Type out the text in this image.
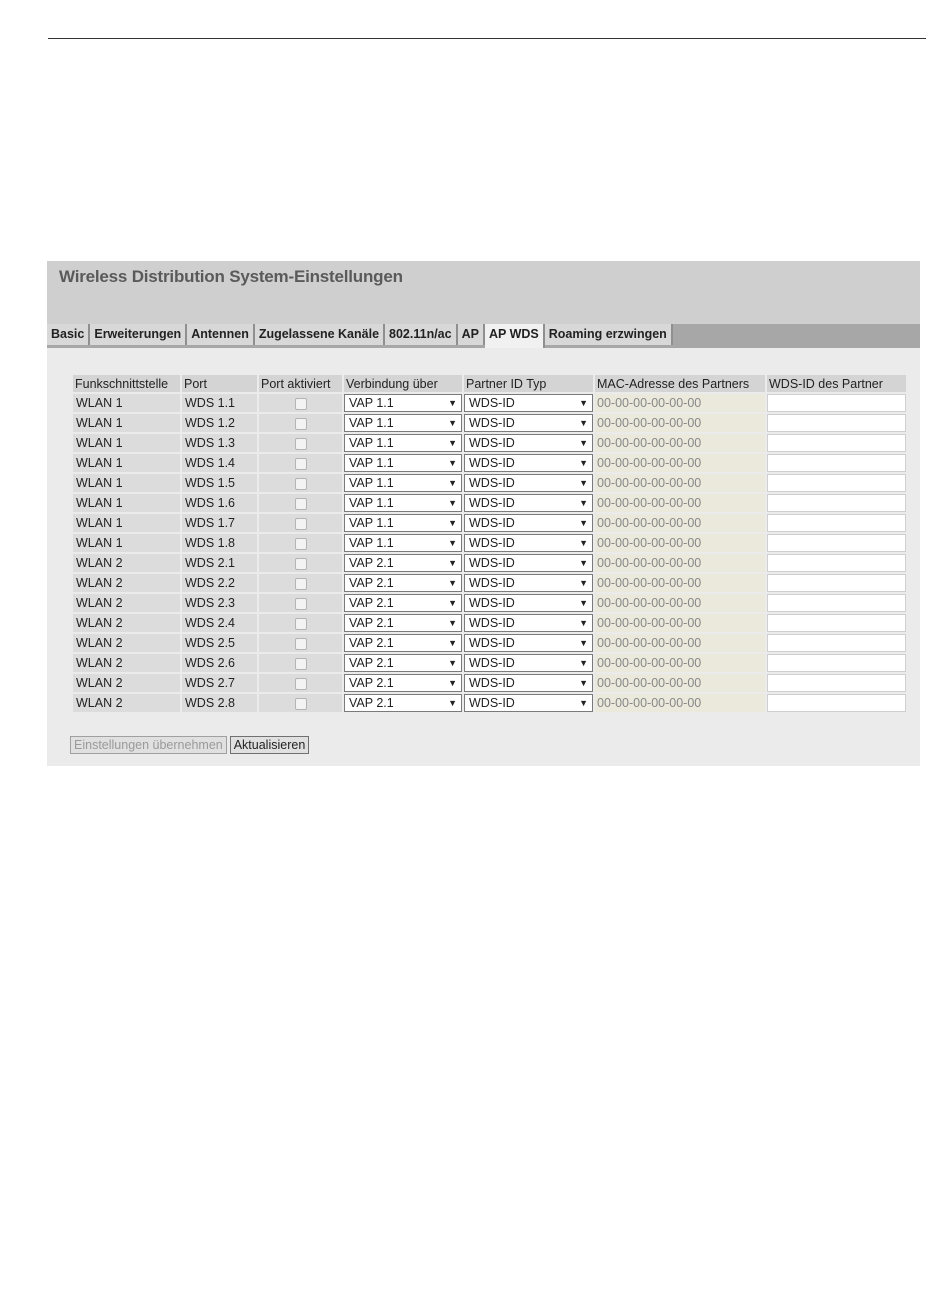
Wireless Distribution System-Einstellungen
Basic Erweiterungen Antennen Zugelassene Kanäle 802.11n/ac AP AP WDS Roaming erzwingen
Funkschnittstelle	Port	Port aktiviert	Verbindung über	Partner ID Typ	MAC-Adresse des Partners	WDS-ID des Partner
WLAN 1	WDS 1.1		VAP 1.1 ▼	WDS-ID ▼	00-00-00-00-00-00	

WLAN 1	WDS 1.2		VAP 1.1 ▼	WDS-ID ▼	00-00-00-00-00-00	

WLAN 1	WDS 1.3		VAP 1.1 ▼	WDS-ID ▼	00-00-00-00-00-00	

WLAN 1	WDS 1.4		VAP 1.1 ▼	WDS-ID ▼	00-00-00-00-00-00	

WLAN 1	WDS 1.5		VAP 1.1 ▼	WDS-ID ▼	00-00-00-00-00-00	

WLAN 1	WDS 1.6		VAP 1.1 ▼	WDS-ID ▼	00-00-00-00-00-00	

WLAN 1	WDS 1.7		VAP 1.1 ▼	WDS-ID ▼	00-00-00-00-00-00	

WLAN 1	WDS 1.8		VAP 1.1 ▼	WDS-ID ▼	00-00-00-00-00-00	

WLAN 2	WDS 2.1		VAP 2.1 ▼	WDS-ID ▼	00-00-00-00-00-00	

WLAN 2	WDS 2.2		VAP 2.1 ▼	WDS-ID ▼	00-00-00-00-00-00	

WLAN 2	WDS 2.3		VAP 2.1 ▼	WDS-ID ▼	00-00-00-00-00-00	

WLAN 2	WDS 2.4		VAP 2.1 ▼	WDS-ID ▼	00-00-00-00-00-00	

WLAN 2	WDS 2.5		VAP 2.1 ▼	WDS-ID ▼	00-00-00-00-00-00	

WLAN 2	WDS 2.6		VAP 2.1 ▼	WDS-ID ▼	00-00-00-00-00-00	

WLAN 2	WDS 2.7		VAP 2.1 ▼	WDS-ID ▼	00-00-00-00-00-00	

WLAN 2	WDS 2.8		VAP 2.1 ▼	WDS-ID ▼	00-00-00-00-00-00	
Einstellungen übernehmen Aktualisieren
